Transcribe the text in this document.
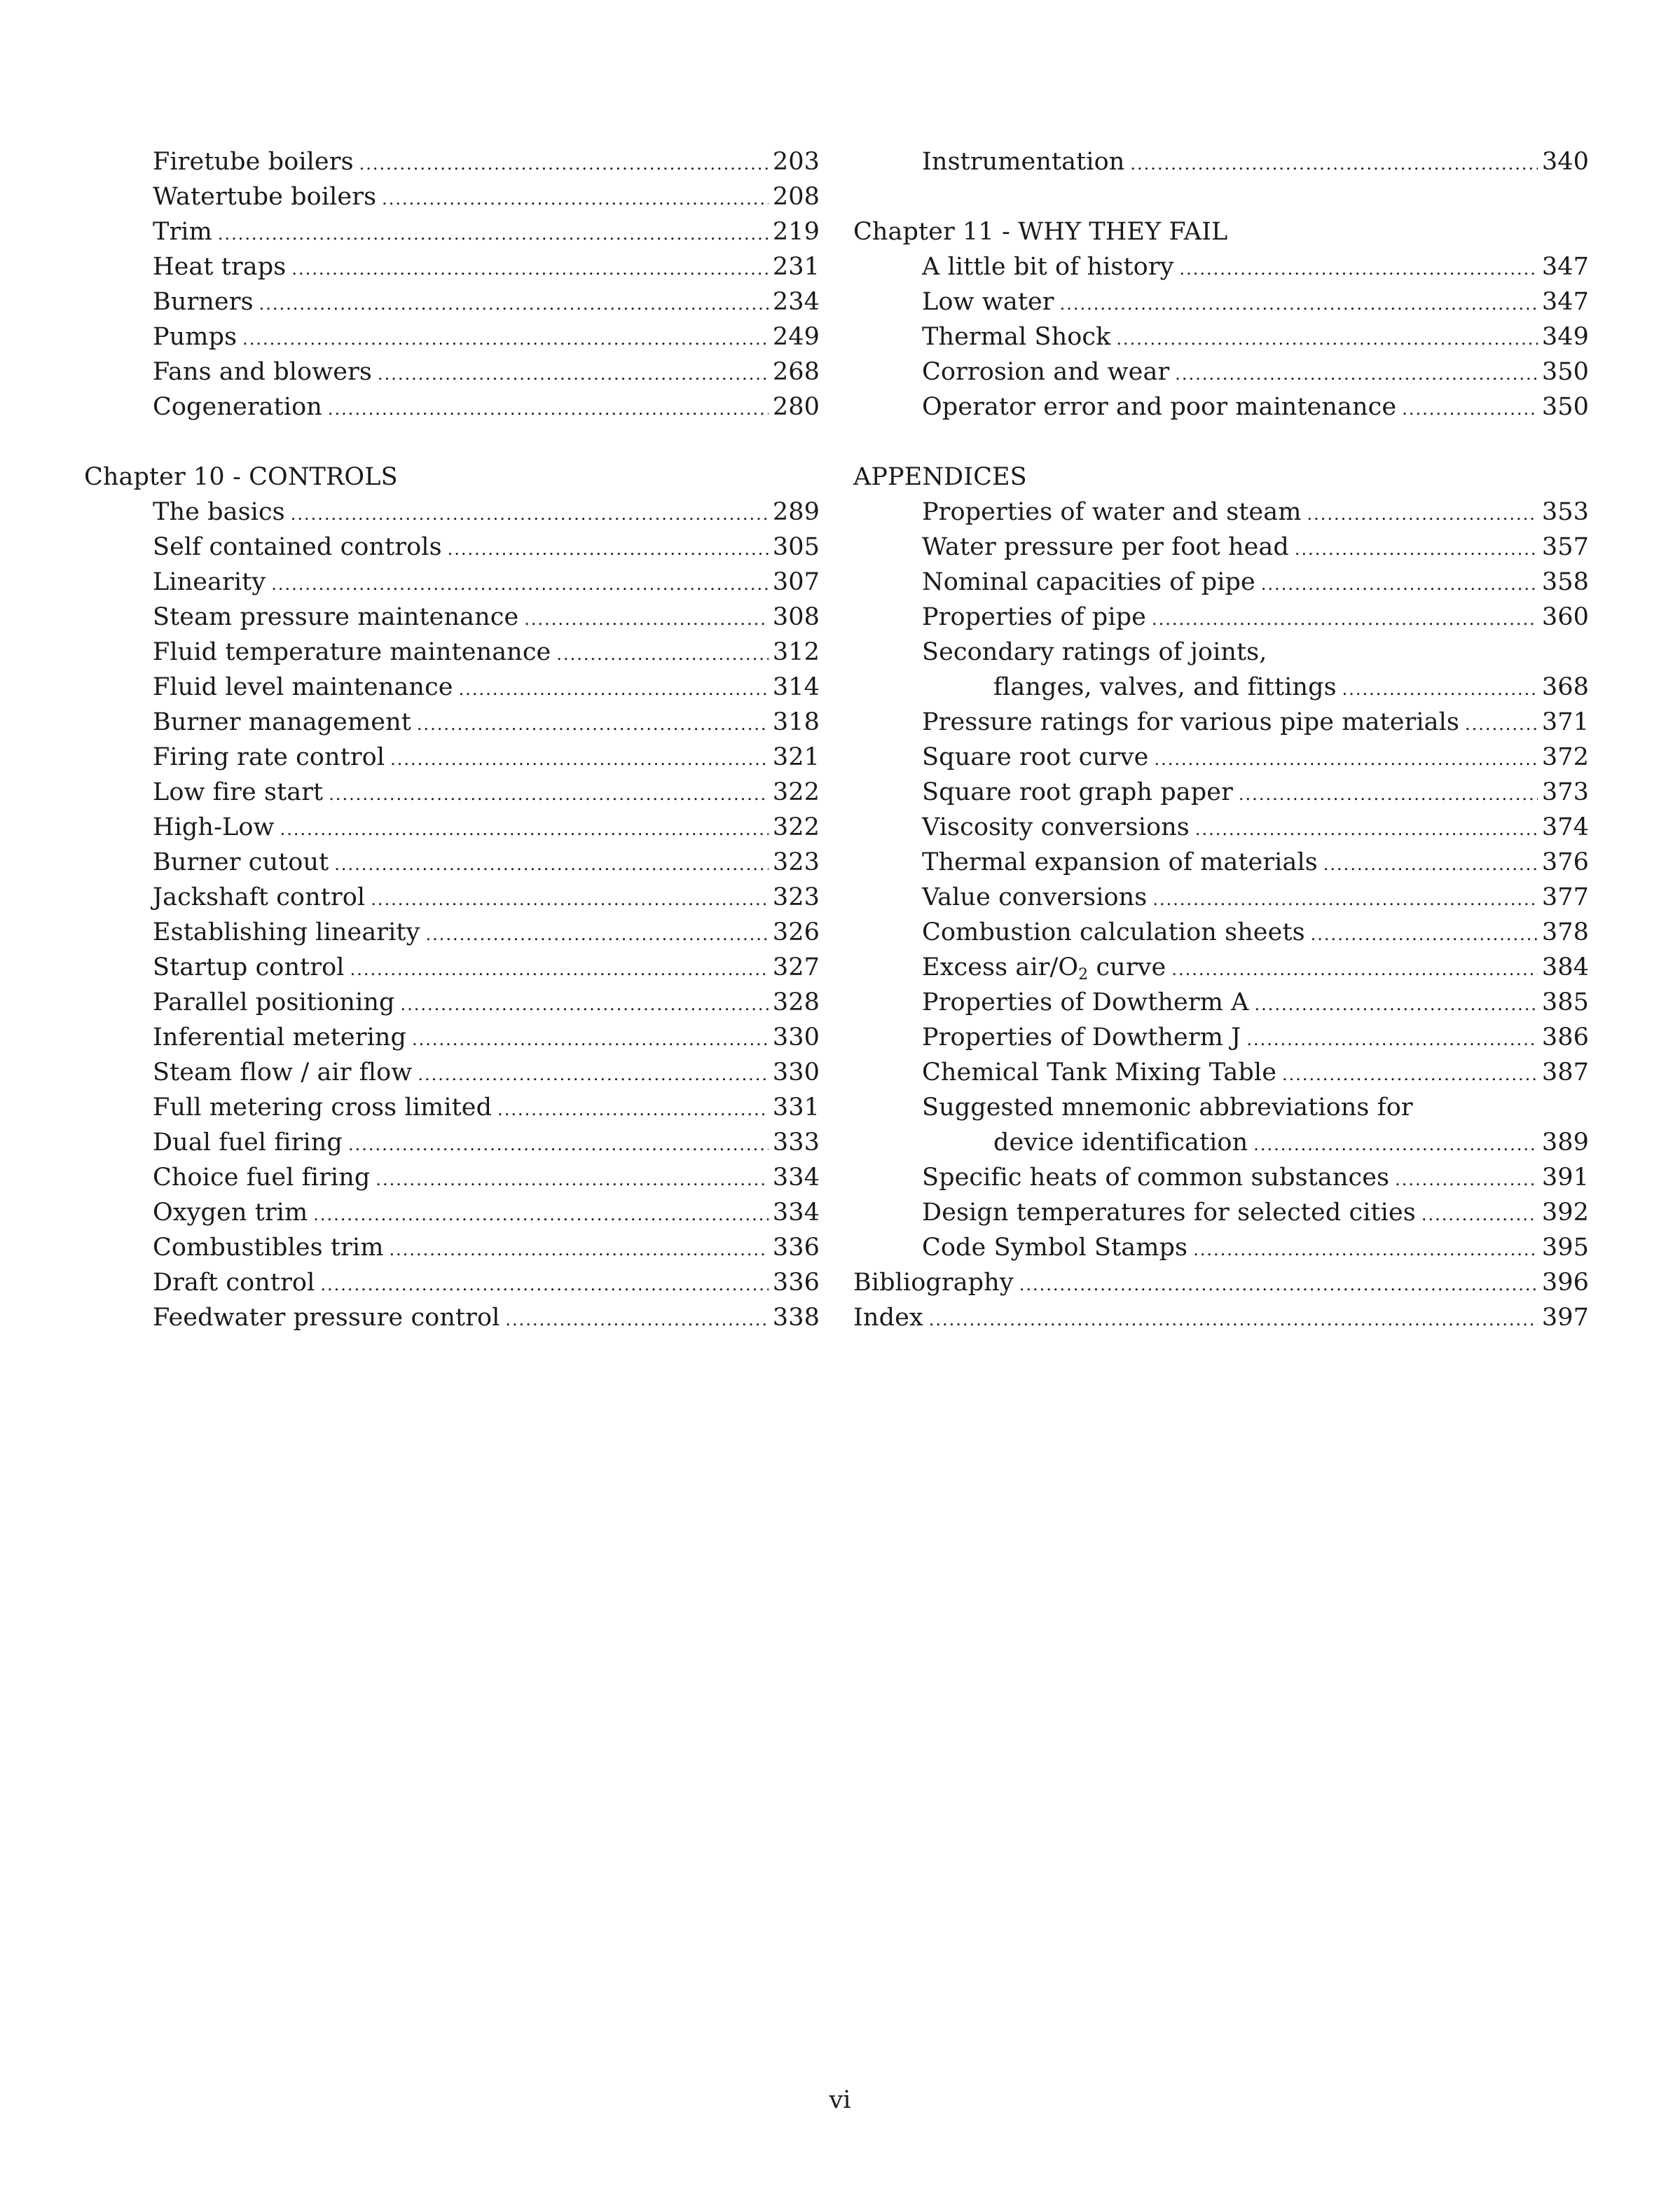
Firetube boilers .....	203
Watertube boilers .....	208
Trim .....	219
Heat traps .....	231
Burners .....	234
Pumps .....	249
Fans and blowers .....	268
Cogeneration .....	280
Chapter 10 - CONTROLS
The basics .....	289
Self contained controls .....	305
Linearity .....	307
Steam pressure maintenance .....	308
Fluid temperature maintenance .....	312
Fluid level maintenance .....	314
Burner management .....	318
Firing rate control .....	321
Low fire start .....	322
High-Low .....	322
Burner cutout .....	323
Jackshaft control .....	323
Establishing linearity .....	326
Startup control .....	327
Parallel positioning .....	328
Inferential metering .....	330
Steam flow / air flow .....	330
Full metering cross limited .....	331
Dual fuel firing .....	333
Choice fuel firing .....	334
Oxygen trim .....	334
Combustibles trim .....	336
Draft control .....	336
Feedwater pressure control .....	338
Instrumentation .....	340
Chapter 11 - WHY THEY FAIL
A little bit of history .....	347
Low water .....	347
Thermal Shock .....	349
Corrosion and wear .....	350
Operator error and poor maintenance .....	350
APPENDICES
Properties of water and steam .....	353
Water pressure per foot head .....	357
Nominal capacities of pipe .....	358
Properties of pipe .....	360
Secondary ratings of joints,
flanges, valves, and fittings .....	368
Pressure ratings for various pipe materials .....	371
Square root curve .....	372
Square root graph paper .....	373
Viscosity conversions .....	374
Thermal expansion of materials .....	376
Value conversions .....	377
Combustion calculation sheets .....	378
Excess air/$O_2$ curve .....	384
Properties of Dowtherm A .....	385
Properties of Dowtherm J .....	386
Chemical Tank Mixing Table .....	387
Suggested mnemonic abbreviations for
device identification .....	389
Specific heats of common substances .....	391
Design temperatures for selected cities .....	392
Code Symbol Stamps .....	395
Bibliography .....	396
Index .....	397
vi
